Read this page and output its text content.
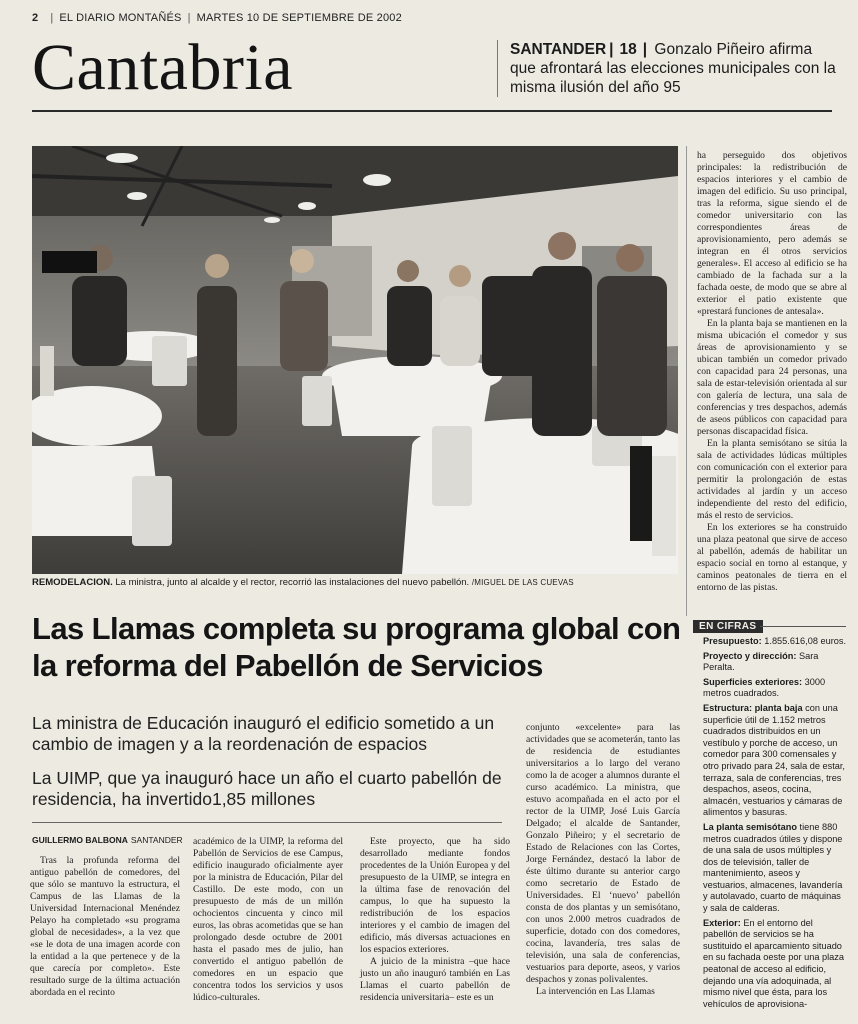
2 | EL DIARIO MONTAÑÉS | MARTES 10 DE SEPTIEMBRE DE 2002
Cantabria	SANTANDER | 18 | Gonzalo Piñeiro afirma que afrontará las elecciones municipales con la misma ilusión del año 95
REMODELACION. La ministra, junto al alcalde y el rector, recorrió las instalaciones del nuevo pabellón. /MIGUEL DE LAS CUEVAS
Las Llamas completa su programa global con la reforma del Pabellón de Servicios
La ministra de Educación inauguró el edificio sometido a un cambio de imagen y a la reordenación de espacios
La UIMP, que ya inauguró hace un año el cuarto pabellón de residencia, ha invertido1,85 millones
GUILLERMO BALBONA SANTANDER
Tras la profunda reforma del antiguo pabellón de comedores, del que sólo se mantuvo la estructura, el Campus de las Llamas de la Universidad Internacional Menéndez Pelayo ha completado «su programa global de necesidades», a la vez que «se le dota de una imagen acorde con la entidad a la que pertenece y de la que carecía por completo». Este resultado surge de la última actuación abordada en el recinto

académico de la UIMP, la reforma del Pabellón de Servicios de ese Campus, edificio inaugurado oficialmente ayer por la ministra de Educación, Pilar del Castillo. De este modo, con un presupuesto de más de un millón ochocientos cincuenta y cinco mil euros, las obras acometidas que se han prolongado desde octubre de 2001 hasta el pasado mes de julio, han convertido el antiguo pabellón de comedores en un espacio que concentra todos los servicios y usos lúdico-culturales.

Este proyecto, que ha sido desarrollado mediante fondos procedentes de la Unión Europea y del presupuesto de la UIMP, se integra en la última fase de renovación del campus, lo que ha supuesto la redistribución de los espacios interiores y el cambio de imagen del edificio, más diversas actuaciones en los espacios exteriores.

A juicio de la ministra –que hace justo un año inauguró también en Las Llamas el cuarto pabellón de residencia universitaria– este es un

conjunto «excelente» para las actividades que se acometerán, tanto las de residencia de estudiantes universitarios a lo largo del verano como la de acoger a alumnos durante el curso académico. La ministra, que estuvo acompañada en el acto por el rector de la UIMP, José Luis García Delgado; el alcalde de Santander, Gonzalo Piñeiro; y el secretario de Estado de Relaciones con las Cortes, Jorge Fernández, destacó la labor de éste último durante su anterior cargo como secretario de Estado de Universidades. El ‘nuevo’ pabellón consta de dos plantas y un semisótano, con unos 2.000 metros cuadrados de superficie, dotado con dos comedores, cocina, lavandería, tres salas de televisión, una sala de conferencias, vestuarios para deporte, aseos, y varios despachos y zonas polivalentes.

La intervención en Las Llamas

ha perseguido dos objetivos principales: la redistribución de espacios interiores y el cambio de imagen del edificio. Su uso principal, tras la reforma, sigue siendo el de comedor universitario con las correspondientes áreas de aprovisionamiento, pero además se integran en él otros servicios generales». El acceso al edificio se ha cambiado de la fachada sur a la fachada oeste, de modo que se abre al exterior el patio existente que «prestará funciones de antesala».

En la planta baja se mantienen en la misma ubicación el comedor y sus áreas de aprovisionamiento y se ubican también un comedor privado con capacidad para 24 personas, una sala de estar-televisión orientada al sur con galería de lectura, una sala de conferencias y tres despachos, además de aseos públicos con capacidad para personas discapacidad física.

En la planta semisótano se sitúa la sala de actividades lúdicas múltiples con comunicación con el exterior para permitir la prolongación de estas actividades al jardín y un acceso independiente del resto del edificio, más el resto de servicios.

En los exteriores se ha construido una plaza peatonal que sirve de acceso al pabellón, además de habilitar un espacio social en torno al estanque, y caminos peatonales de tierra en el entorno de las pistas.

EN CIFRAS

Presupuesto: 1.855.616,08 euros.

Proyecto y dirección: Sara Peralta.

Superficies exteriores: 3000 metros cuadrados.

Estructura: planta baja con una superficie útil de 1.152 metros cuadrados distribuidos en un vestíbulo y porche de acceso, un comedor para 300 comensales y otro privado para 24, sala de estar, terraza, sala de conferencias, tres despachos, aseos, cocina, almacén, vestuarios y cámaras de alimentos y basuras.

La planta semisótano tiene 880 metros cuadrados útiles y dispone de una sala de usos múltiples y dos de televisión, taller de mantenimiento, aseos y vestuarios, almacenes, lavandería y autolavado, cuarto de máquinas y sala de calderas.

Exterior: En el entorno del pabellón de servicios se ha sustituido el aparcamiento situado en su fachada oeste por una plaza peatonal de acceso al edificio, dejando una vía adoquinada, al mismo nivel que ésta, para los vehículos de aprovisiona-
